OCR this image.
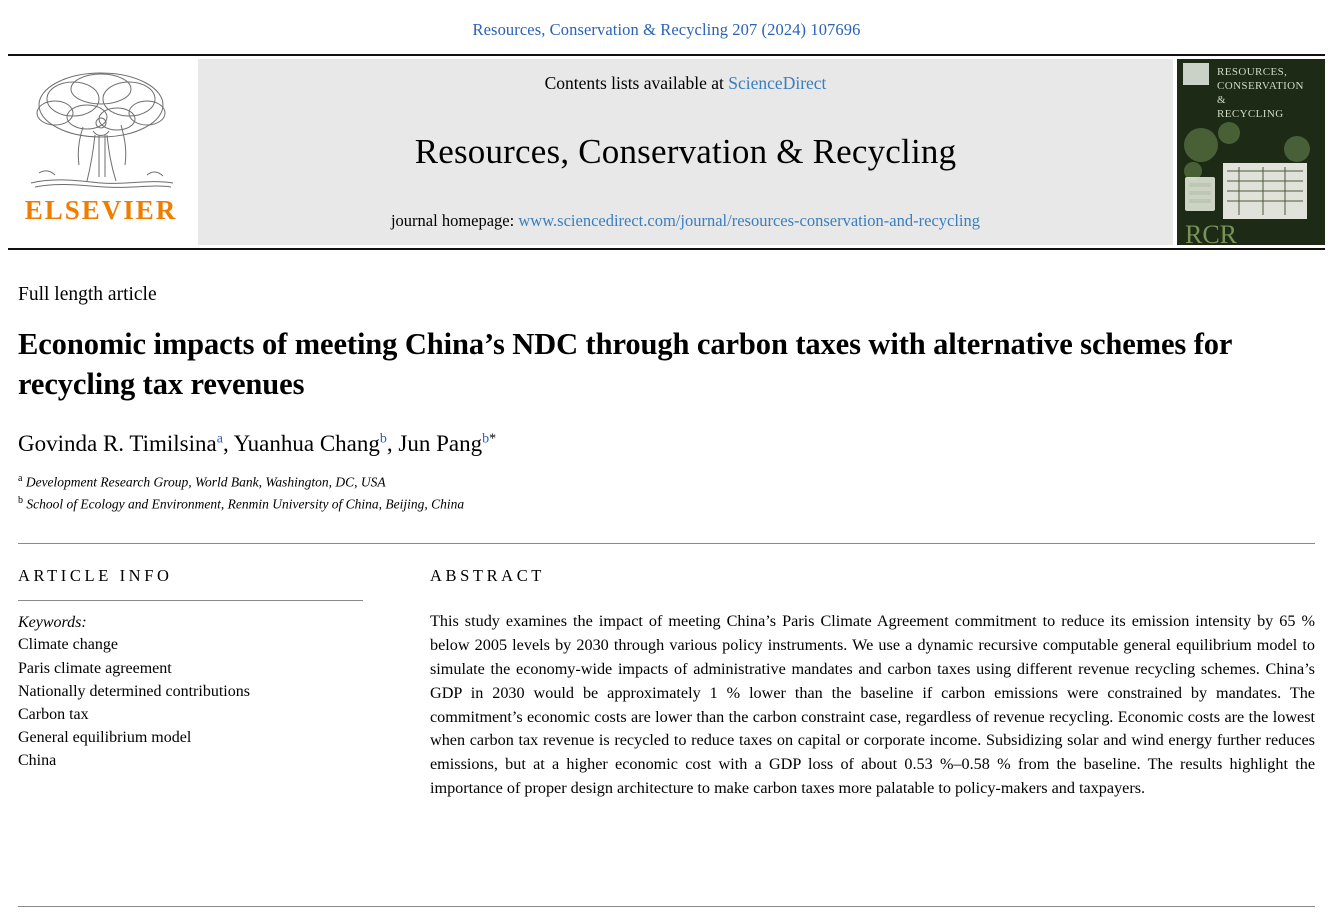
Resources, Conservation & Recycling 207 (2024) 107696
ELSEVIER
Contents lists available at ScienceDirect
Resources, Conservation & Recycling
journal homepage: www.sciencedirect.com/journal/resources-conservation-and-recycling
RESOURCES,
CONSERVATION
&
RECYCLING
RCR
Full length article
Economic impacts of meeting China’s NDC through carbon taxes with alternative schemes for recycling tax revenues
Govinda R. Timilsina$^a$, Yuanhua Chang$^b$, Jun Pang$^{b*}$
$^a$ Development Research Group, World Bank, Washington, DC, USA
$^b$ School of Ecology and Environment, Renmin University of China, Beijing, China
ARTICLE INFO
Keywords:
Climate change
Paris climate agreement
Nationally determined contributions
Carbon tax
General equilibrium model
China
ABSTRACT
This study examines the impact of meeting China’s Paris Climate Agreement commitment to reduce its emission intensity by 65 % below 2005 levels by 2030 through various policy instruments. We use a dynamic recursive computable general equilibrium model to simulate the economy-wide impacts of administrative mandates and carbon taxes using different revenue recycling schemes. China’s GDP in 2030 would be approximately 1 % lower than the baseline if carbon emissions were constrained by mandates. The commitment’s economic costs are lower than the carbon constraint case, regardless of revenue recycling. Economic costs are the lowest when carbon tax revenue is recycled to reduce taxes on capital or corporate income. Subsidizing solar and wind energy further reduces emissions, but at a higher economic cost with a GDP loss of about 0.53 %–0.58 % from the baseline. The results highlight the importance of proper design architecture to make carbon taxes more palatable to policy-makers and taxpayers.
